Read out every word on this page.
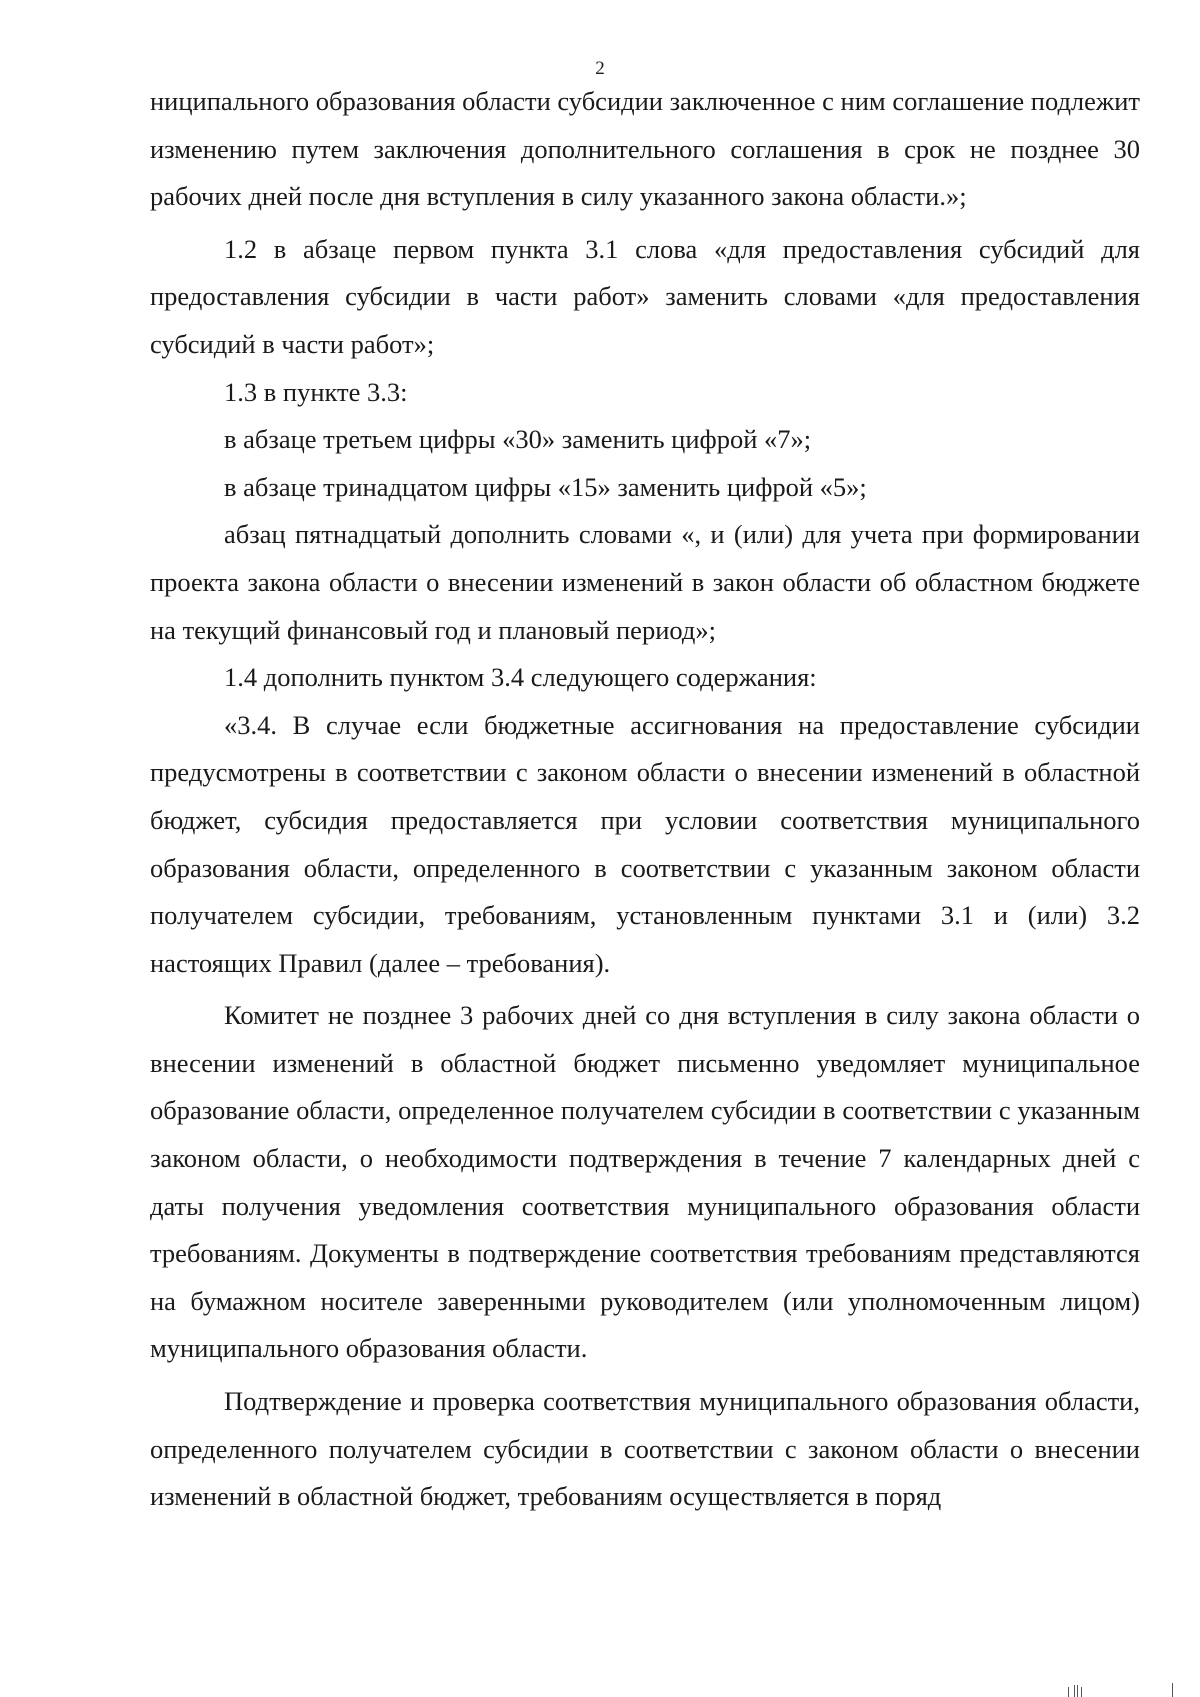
2

ниципального образования области субсидии заключенное с ним соглашение подлежит изменению путем заключения дополнительного соглашения в срок не позднее 30 рабочих дней после дня вступления в силу указанного закона области.»;

1.2 в абзаце первом пункта 3.1 слова «для предоставления субсидий для предоставления субсидии в части работ» заменить словами «для предоставления субсидий в части работ»;

1.3 в пункте 3.3:

в абзаце третьем цифры «30» заменить цифрой «7»;

в абзаце тринадцатом цифры «15» заменить цифрой «5»;

абзац пятнадцатый дополнить словами «, и (или) для учета при формировании проекта закона области о внесении изменений в закон области об областном бюджете на текущий финансовый год и плановый период»;

1.4 дополнить пунктом 3.4 следующего содержания:

«3.4. В случае если бюджетные ассигнования на предоставление субсидии предусмотрены в соответствии с законом области о внесении изменений в областной бюджет, субсидия предоставляется при условии соответствия муниципального образования области, определенного в соответствии с указанным законом области получателем субсидии, требованиям, установленным пунктами 3.1 и (или) 3.2 настоящих Правил (далее – требования).

Комитет не позднее 3 рабочих дней со дня вступления в силу закона области о внесении изменений в областной бюджет письменно уведомляет муниципальное образование области, определенное получателем субсидии в соответствии с указанным законом области, о необходимости подтверждения в течение 7 календарных дней с даты получения уведомления соответствия муниципального образования области требованиям. Документы в подтверждение соответствия требованиям представляются на бумажном носителе заверенными руководителем (или уполномоченным лицом) муниципального образования области.

Подтверждение и проверка соответствия муниципального образования области, определенного получателем субсидии в соответствии с законом области о внесении изменений в областной бюджет, требованиям осуществляется в поряд
